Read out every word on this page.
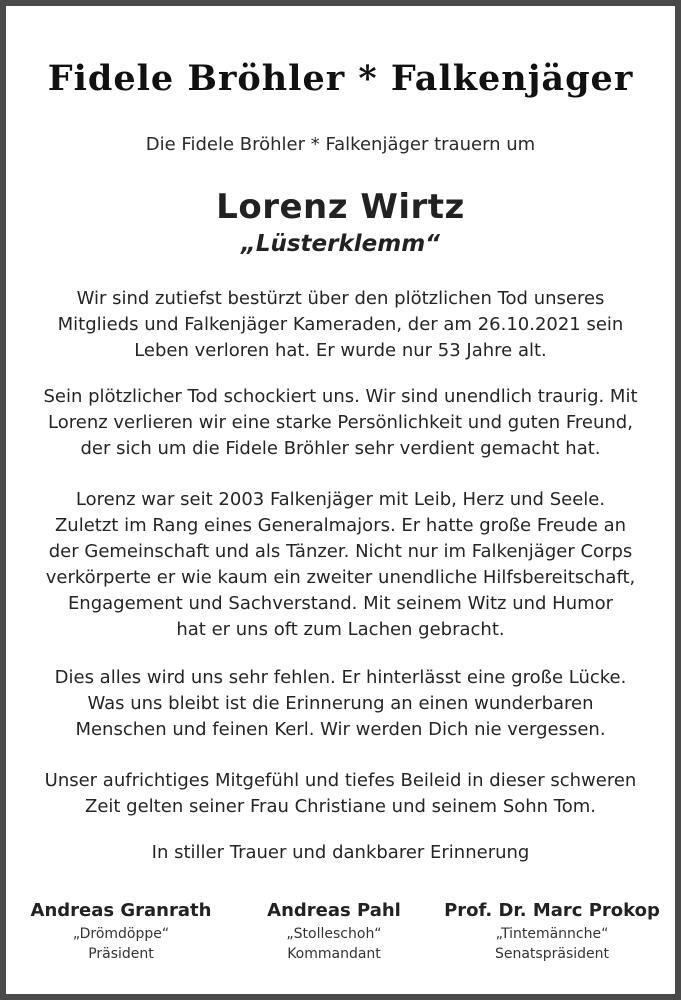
Fidele Bröhler * Falkenjäger
Die Fidele Bröhler * Falkenjäger trauern um
Lorenz Wirtz
„Lüsterklemm“
Wir sind zutiefst bestürzt über den plötzlichen Tod unseres
Mitglieds und Falkenjäger Kameraden, der am 26.10.2021 sein
Leben verloren hat. Er wurde nur 53 Jahre alt.
Sein plötzlicher Tod schockiert uns. Wir sind unendlich traurig. Mit
Lorenz verlieren wir eine starke Persönlichkeit und guten Freund,
der sich um die Fidele Bröhler sehr verdient gemacht hat.
Lorenz war seit 2003 Falkenjäger mit Leib, Herz und Seele.
Zuletzt im Rang eines Generalmajors. Er hatte große Freude an
der Gemeinschaft und als Tänzer. Nicht nur im Falkenjäger Corps
verkörperte er wie kaum ein zweiter unendliche Hilfsbereitschaft,
Engagement und Sachverstand. Mit seinem Witz und Humor
hat er uns oft zum Lachen gebracht.
Dies alles wird uns sehr fehlen. Er hinterlässt eine große Lücke.
Was uns bleibt ist die Erinnerung an einen wunderbaren
Menschen und feinen Kerl. Wir werden Dich nie vergessen.
Unser aufrichtiges Mitgefühl und tiefes Beileid in dieser schweren
Zeit gelten seiner Frau Christiane und seinem Sohn Tom.
In stiller Trauer und dankbarer Erinnerung
Andreas Granrath
„Drömdöppe“
Präsident
Andreas Pahl
„Stolleschoh“
Kommandant
Prof. Dr. Marc Prokop
„Tintemännche“
Senatspräsident
